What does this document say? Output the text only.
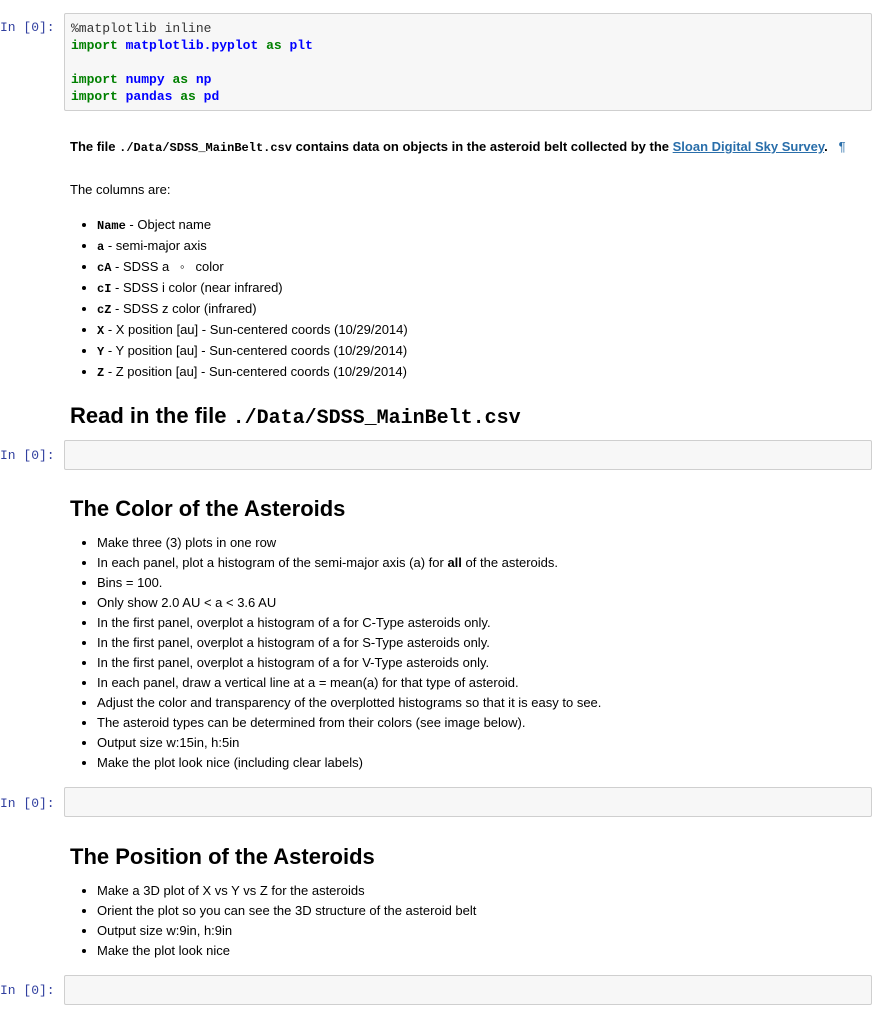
In [0]:	%matplotlib inline
import matplotlib.pyplot as plt

import numpy as np
import pandas as pd
The file ./Data/SDSS_MainBelt.csv contains data on objects in the asteroid belt collected by the Sloan Digital Sky Survey. ¶
The columns are:
• Name - Object name
• a - semi-major axis
• cA - SDSS a   ◦   color
• cI - SDSS i color (near infrared)
• cZ - SDSS z color (infrared)
• X - X position [au] - Sun-centered coords (10/29/2014)
• Y - Y position [au] - Sun-centered coords (10/29/2014)
• Z - Z position [au] - Sun-centered coords (10/29/2014)
Read in the file ./Data/SDSS_MainBelt.csv
In [0]:
The Color of the Asteroids
• Make three (3) plots in one row
• In each panel, plot a histogram of the semi-major axis (a) for all of the asteroids.
• Bins = 100.
• Only show 2.0 AU < a < 3.6 AU
• In the first panel, overplot a histogram of a for C-Type asteroids only.
• In the first panel, overplot a histogram of a for S-Type asteroids only.
• In the first panel, overplot a histogram of a for V-Type asteroids only.
• In each panel, draw a vertical line at a = mean(a) for that type of asteroid.
• Adjust the color and transparency of the overplotted histograms so that it is easy to see.
• The asteroid types can be determined from their colors (see image below).
• Output size w:15in, h:5in
• Make the plot look nice (including clear labels)
In [0]:
The Position of the Asteroids
• Make a 3D plot of X vs Y vs Z for the asteroids
• Orient the plot so you can see the 3D structure of the asteroid belt
• Output size w:9in, h:9in
• Make the plot look nice
In [0]:
